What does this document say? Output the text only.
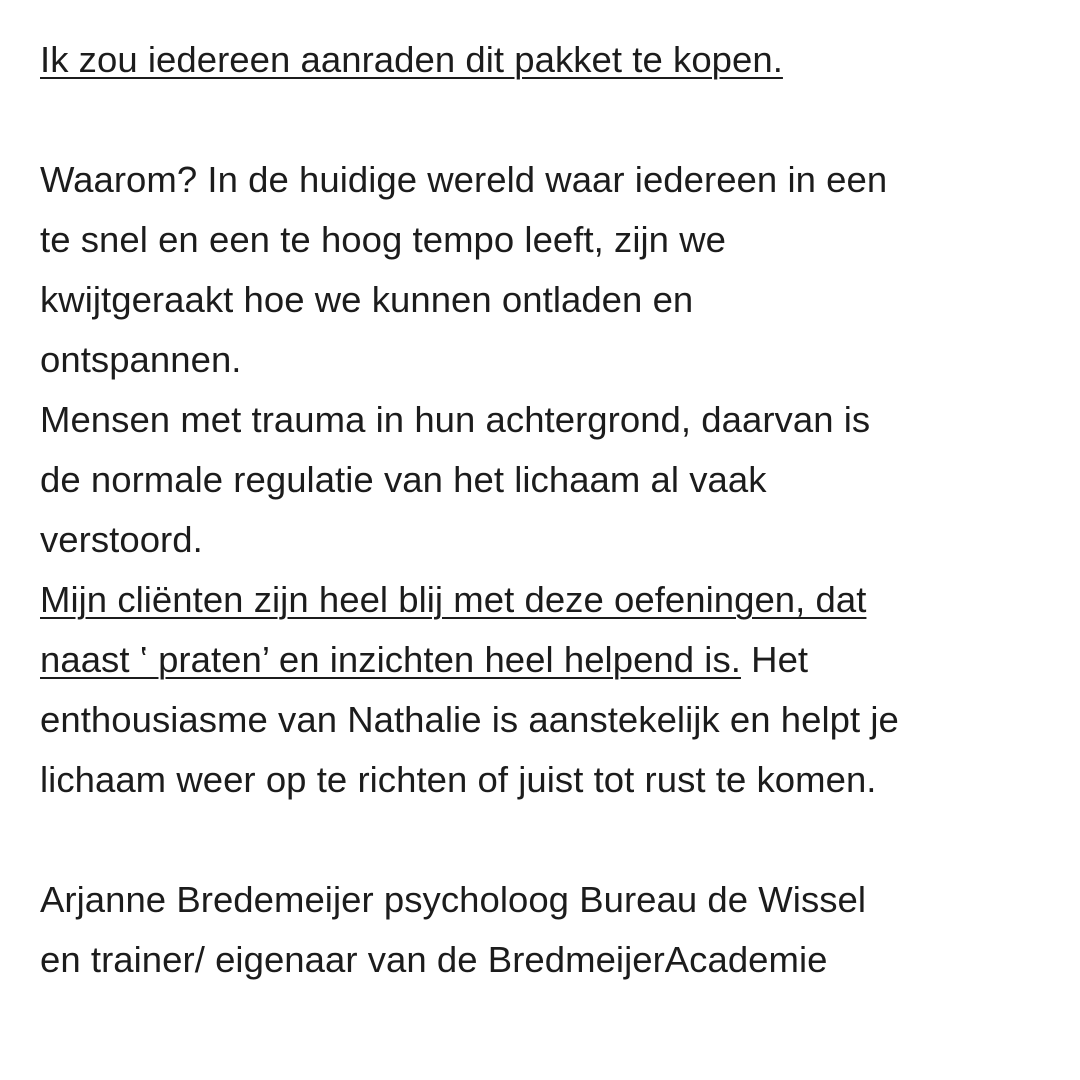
Ik zou iedereen aanraden dit pakket te kopen.

Waarom? In de huidige wereld waar iedereen in een

te snel en een te hoog tempo leeft, zijn we

kwijtgeraakt hoe we kunnen ontladen en

ontspannen.

Mensen met trauma in hun achtergrond, daarvan is

de normale regulatie van het lichaam al vaak

verstoord.

Mijn cliënten zijn heel blij met deze oefeningen, dat

naast ‛ praten’ en inzichten heel helpend is. Het

enthousiasme van Nathalie is aanstekelijk en helpt je

lichaam weer op te richten of juist tot rust te komen.

Arjanne Bredemeijer psycholoog Bureau de Wissel

en trainer/ eigenaar van de BredmeijerAcademie
